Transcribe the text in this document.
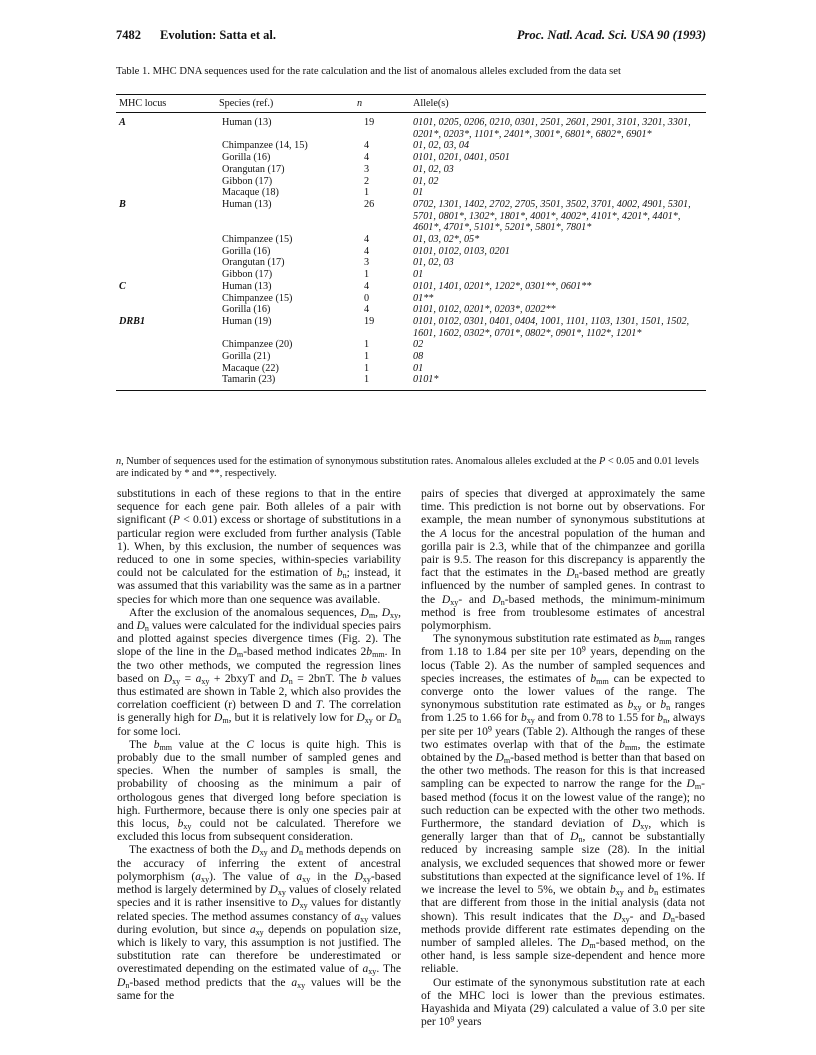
7482 Evolution: Satta et al.	Proc. Natl. Acad. Sci. USA 90 (1993)
Table 1. MHC DNA sequences used for the rate calculation and the list of anomalous alleles excluded from the data set
MHC locus	Species (ref.)	n	Allele(s)
A	Human (13)	19	0101, 0205, 0206, 0210, 0301, 2501, 2601, 2901, 3101, 3201, 3301, 0201*, 0203*, 1101*, 2401*, 3001*, 6801*, 6802*, 6901*
	Chimpanzee (14, 15)	4	01, 02, 03, 04
	Gorilla (16)	4	0101, 0201, 0401, 0501
	Orangutan (17)	3	01, 02, 03
	Gibbon (17)	2	01, 02
	Macaque (18)	1	01
B	Human (13)	26	0702, 1301, 1402, 2702, 2705, 3501, 3502, 3701, 4002, 4901, 5301, 5701, 0801*, 1302*, 1801*, 4001*, 4002*, 4101*, 4201*, 4401*, 4601*, 4701*, 5101*, 5201*, 5801*, 7801*
	Chimpanzee (15)	4	01, 03, 02*, 05*
	Gorilla (16)	4	0101, 0102, 0103, 0201
	Orangutan (17)	3	01, 02, 03
	Gibbon (17)	1	01
C	Human (13)	4	0101, 1401, 0201*, 1202*, 0301**, 0601**
	Chimpanzee (15)	0	01**
	Gorilla (16)	4	0101, 0102, 0201*, 0203*, 0202**
DRB1	Human (19)	19	0101, 0102, 0301, 0401, 0404, 1001, 1101, 1103, 1301, 1501, 1502, 1601, 1602, 0302*, 0701*, 0802*, 0901*, 1102*, 1201*
	Chimpanzee (20)	1	02
	Gorilla (21)	1	08
	Macaque (22)	1	01
	Tamarin (23)	1	0101*
n, Number of sequences used for the estimation of synonymous substitution rates. Anomalous alleles excluded at the P < 0.05 and 0.01 levels are indicated by * and **, respectively.

substitutions in each of these regions to that in the entire sequence for each gene pair. Both alleles of a pair with significant (P < 0.01) excess or shortage of substitutions in a particular region were excluded from further analysis (Table 1). When, by this exclusion, the number of sequences was reduced to one in some species, within-species variability could not be calculated for the estimation of $b_n$; instead, it was assumed that this variability was the same as in a partner species for which more than one sequence was available.

After the exclusion of the anomalous sequences, $D_m$, $D_{xy}$, and $D_n$ values were calculated for the individual species pairs and plotted against species divergence times (Fig. 2). The slope of the line in the $D_m$-based method indicates $2b_{mm}$. In the two other methods, we computed the regression lines based on $D_{xy} = a_{xy}$ + 2bxyT and $D_n = 2bnT$. The b values thus estimated are shown in Table 2, which also provides the correlation coefficient (r) between D and T. The correlation is generally high for $D_m$, but it is relatively low for $D_{xy}$ or $D_n$ for some loci.

The $b_{mm}$ value at the C locus is quite high. This is probably due to the small number of sampled genes and species. When the number of samples is small, the probability of choosing as the minimum a pair of orthologous genes that diverged long before speciation is high. Furthermore, because there is only one species pair at this locus, $b_{xy}$ could not be calculated. Therefore we excluded this locus from subsequent consideration.

The exactness of both the $D_{xy}$ and $D_n$ methods depends on the accuracy of inferring the extent of ancestral polymorphism $(a_{xy})$. The value of $a_{xy}$ in the $D_{xy}$-based method is largely determined by $D_{xy}$ values of closely related species and it is rather insensitive to $D_{xy}$ values for distantly related species. The method assumes constancy of $a_{xy}$ values during evolution, but since $a_{xy}$ depends on population size, which is likely to vary, this assumption is not justified. The substitution rate can therefore be underestimated or overestimated depending on the estimated value of $a_{xy}$. The $D_n$-based method predicts that the $a_{xy}$ values will be the same for the

pairs of species that diverged at approximately the same time. This prediction is not borne out by observations. For example, the mean number of synonymous substitutions at the A locus for the ancestral population of the human and gorilla pair is 2.3, while that of the chimpanzee and gorilla pair is 9.5. The reason for this discrepancy is apparently the fact that the estimates in the $D_n$-based method are greatly influenced by the number of sampled genes. In contrast to the $D_{xy}-$ and $D_n$-based methods, the minimum-minimum method is free from troublesome estimates of ancestral polymorphism.

The synonymous substitution rate estimated as $b_{mm}$ ranges from 1.18 to 1.84 per site per $10^9$ years, depending on the locus (Table 2). As the number of sampled sequences and species increases, the estimates of $b_{mm}$ can be expected to converge onto the lower values of the range. The synonymous substitution rate estimated as $b_{xy}$ or $b_n$ ranges from 1.25 to 1.66 for $b_{xy}$ and from 0.78 to 1.55 for $b_n$, always per site per $10^9$ years (Table 2). Although the ranges of these two estimates overlap with that of the $b_{mm}$, the estimate obtained by the $D_m$-based method is better than that based on the other two methods. The reason for this is that increased sampling can be expected to narrow the range for the $D_m$-based method (focus it on the lowest value of the range); no such reduction can be expected with the other two methods. Furthermore, the standard deviation of $D_{xy}$, which is generally larger than that of $D_n$, cannot be substantially reduced by increasing sample size (28). In the initial analysis, we excluded sequences that showed more or fewer substitutions than expected at the significance level of 1%. If we increase the level to 5%, we obtain $b_{xy}$ and $b_n$ estimates that are different from those in the initial analysis (data not shown). This result indicates that the $D_{xy}-$ and $D_n$-based methods provide different rate estimates depending on the number of sampled alleles. The $D_m$-based method, on the other hand, is less sample size-dependent and hence more reliable.

Our estimate of the synonymous substitution rate at each of the MHC loci is lower than the previous estimates. Hayashida and Miyata (29) calculated a value of 3.0 per site per $10^9$ years
